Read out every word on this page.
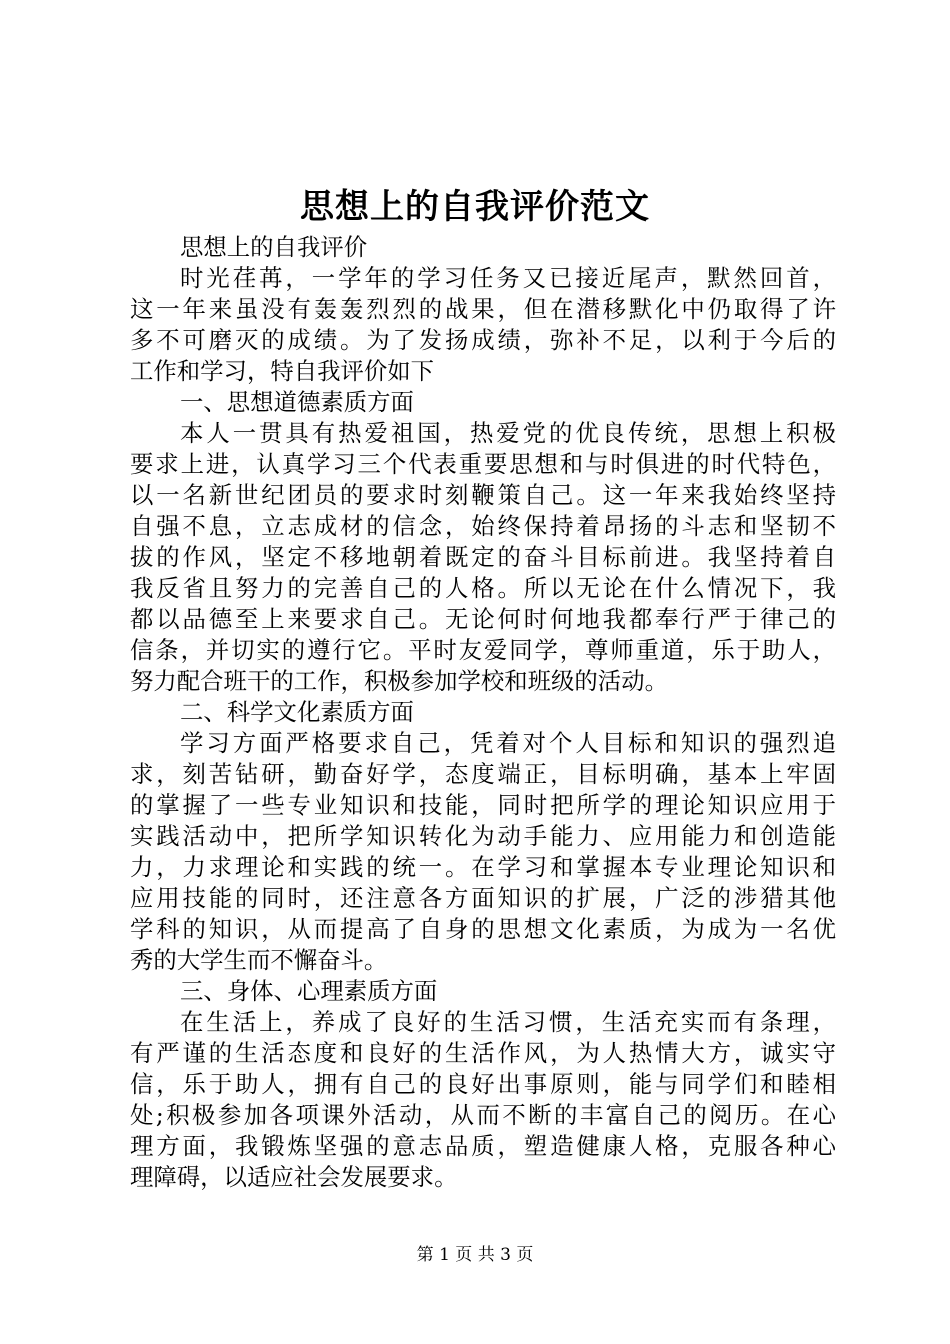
思想上的自我评价范文
思想上的自我评价
时光荏苒，一学年的学习任务又已接近尾声，默然回首，
这一年来虽没有轰轰烈烈的战果，但在潜移默化中仍取得了许
多不可磨灭的成绩。为了发扬成绩，弥补不足，以利于今后的
工作和学习，特自我评价如下
一、思想道德素质方面
本人一贯具有热爱祖国，热爱党的优良传统，思想上积极
要求上进，认真学习三个代表重要思想和与时俱进的时代特色，
以一名新世纪团员的要求时刻鞭策自己。这一年来我始终坚持
自强不息，立志成材的信念，始终保持着昂扬的斗志和坚韧不
拔的作风，坚定不移地朝着既定的奋斗目标前进。我坚持着自
我反省且努力的完善自己的人格。所以无论在什么情况下，我
都以品德至上来要求自己。无论何时何地我都奉行严于律己的
信条，并切实的遵行它。平时友爱同学，尊师重道，乐于助人，
努力配合班干的工作，积极参加学校和班级的活动。
二、科学文化素质方面
学习方面严格要求自己，凭着对个人目标和知识的强烈追
求，刻苦钻研，勤奋好学，态度端正，目标明确，基本上牢固
的掌握了一些专业知识和技能，同时把所学的理论知识应用于
实践活动中，把所学知识转化为动手能力、应用能力和创造能
力，力求理论和实践的统一。在学习和掌握本专业理论知识和
应用技能的同时，还注意各方面知识的扩展，广泛的涉猎其他
学科的知识，从而提高了自身的思想文化素质，为成为一名优
秀的大学生而不懈奋斗。
三、身体、心理素质方面
在生活上，养成了良好的生活习惯，生活充实而有条理，
有严谨的生活态度和良好的生活作风，为人热情大方，诚实守
信，乐于助人，拥有自己的良好出事原则，能与同学们和睦相
处;积极参加各项课外活动，从而不断的丰富自己的阅历。在心
理方面，我锻炼坚强的意志品质，塑造健康人格，克服各种心
理障碍，以适应社会发展要求。
第 1 页 共 3 页
